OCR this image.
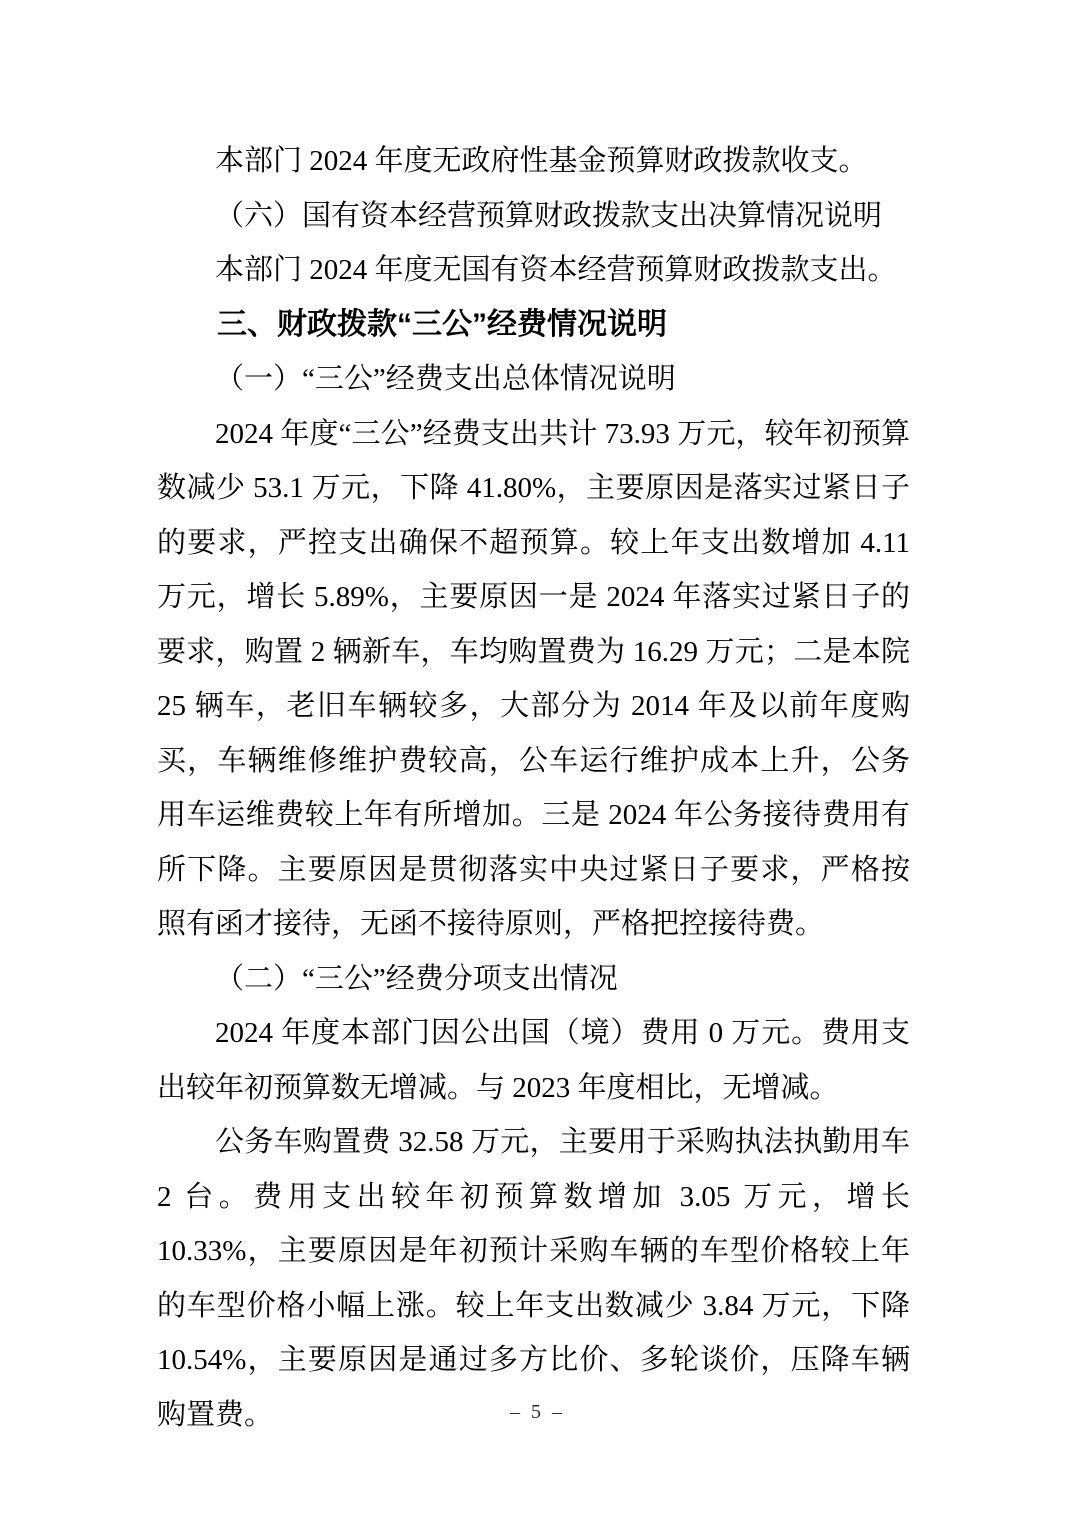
本部门 2024 年度无政府性基金预算财政拨款收支。

（六）国有资本经营预算财政拨款支出决算情况说明

本部门 2024 年度无国有资本经营预算财政拨款支出。

三、财政拨款“三公”经费情况说明

（一）“三公”经费支出总体情况说明

2024 年度“三公”经费支出共计 73.93 万元，较年初预算数减少 53.1 万元，下降 41.80%，主要原因是落实过紧日子的要求，严控支出确保不超预算。较上年支出数增加 4.11 万元，增长 5.89%，主要原因一是 2024 年落实过紧日子的要求，购置 2 辆新车，车均购置费为 16.29 万元；二是本院 25 辆车，老旧车辆较多，大部分为 2014 年及以前年度购买，车辆维修维护费较高，公车运行维护成本上升，公务用车运维费较上年有所增加。三是 2024 年公务接待费用有所下降。主要原因是贯彻落实中央过紧日子要求，严格按照有函才接待，无函不接待原则，严格把控接待费。

（二）“三公”经费分项支出情况

2024 年度本部门因公出国（境）费用 0 万元。费用支出较年初预算数无增减。与 2023 年度相比，无增减。

公务车购置费 32.58 万元，主要用于采购执法执勤用车 2 台。费用支出较年初预算数增加 3.05 万元，增长 10.33%，主要原因是年初预计采购车辆的车型价格较上年的车型价格小幅上涨。较上年支出数减少 3.84 万元，下降 10.54%，主要原因是通过多方比价、多轮谈价，压降车辆购置费。	– 5 –
